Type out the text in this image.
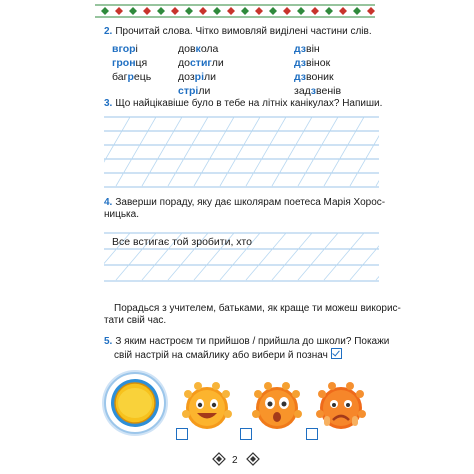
2. Прочитай слова. Чітко вимовляй виділені частини слів.
вгорі
гронця
багрець
довкола
достигли
дозріли
стріли
дзвін
дзвінок
дзвоник
задзвенів
3. Що найцікавіше було в тебе на літніх канікулах? Напиши.
4. Заверши пораду, яку дає школярам поетеса Марія Хорос-
ницька.
Все встигає той зробити, хто
Порадься з учителем, батьками, як краще ти можеш викорис-
тати свій час.
5. З яким настроєм ти прийшов / прийшла до школи? Покажи
свій настрій на смайлику або вибери й познач
2
